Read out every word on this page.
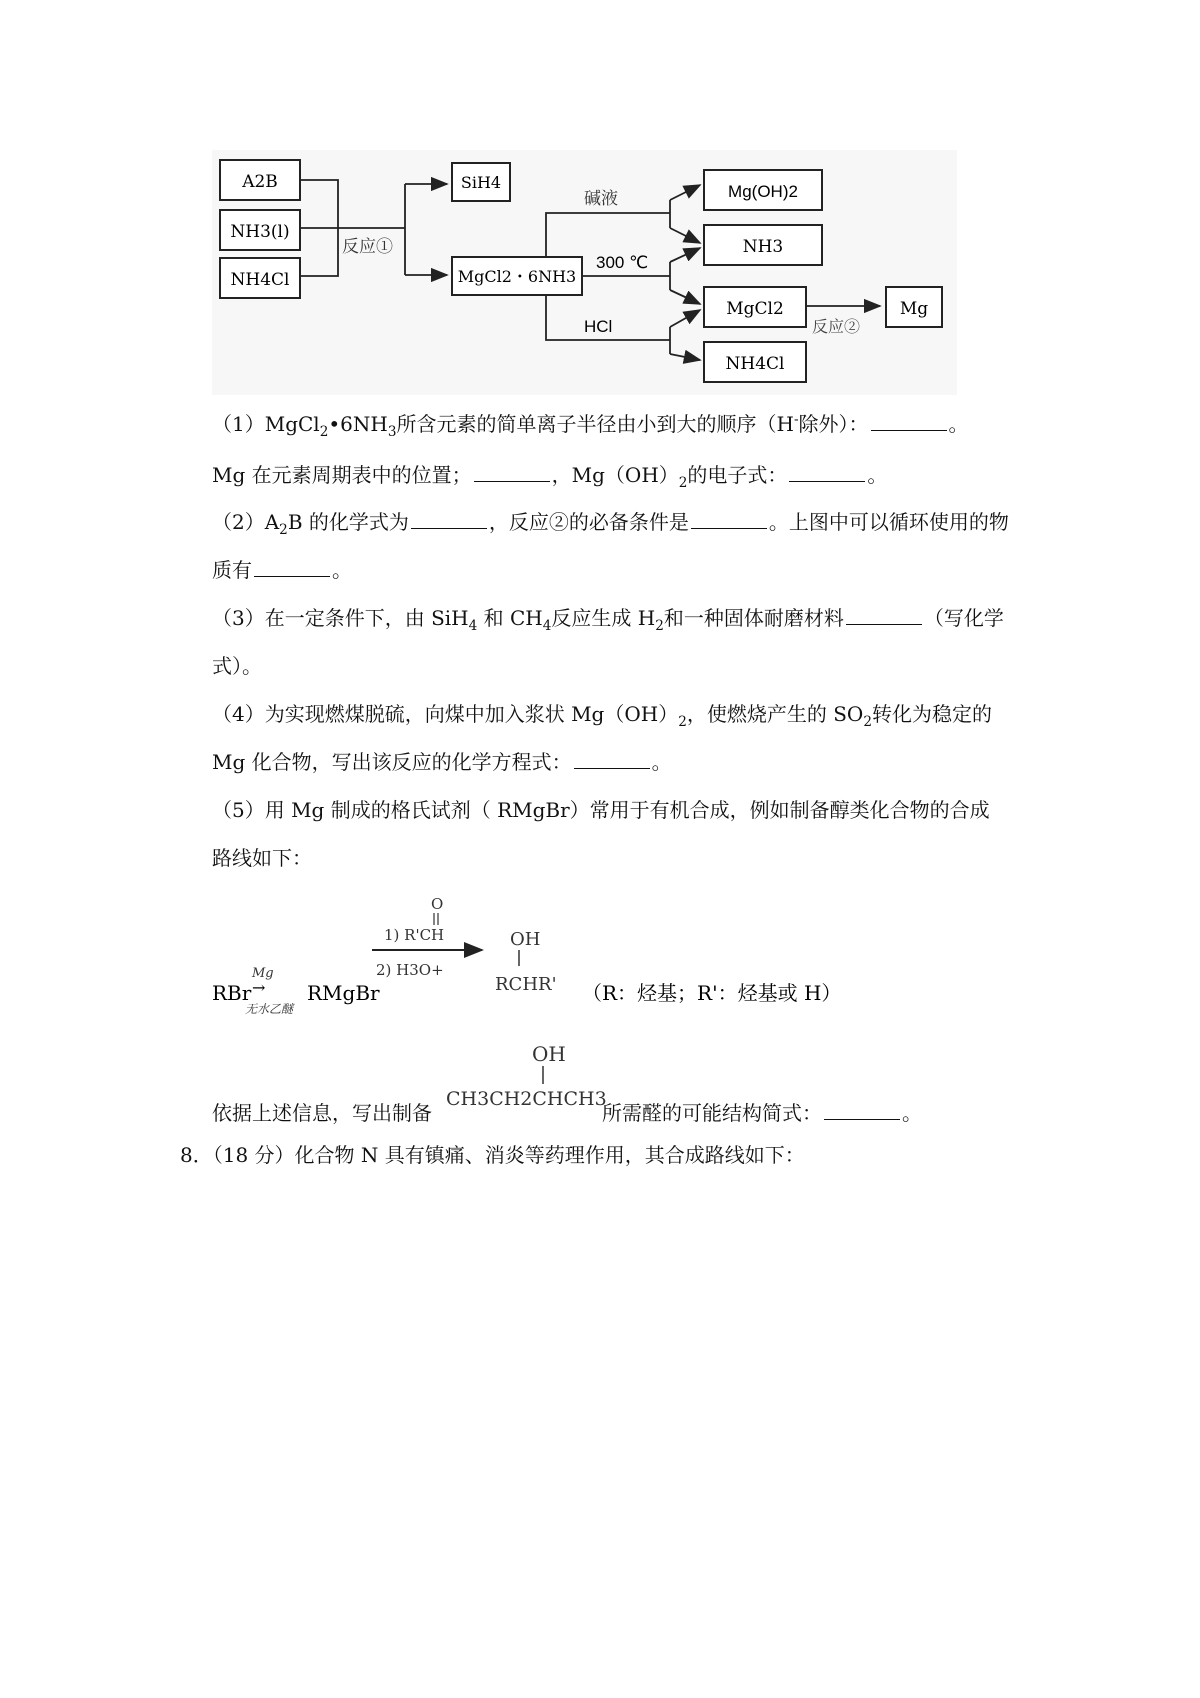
A2B
NH3(l)
NH4Cl
反应①
SiH4
MgCl2・6NH3
碱液
300 ℃
HCl
Mg(OH)2
NH3
MgCl2
NH4Cl
反应②
Mg
$(1)MgCl_2•6NH_3$所含元素的简单离子半径由小到大的顺序（H-除外）：	。
Mg 在元素周期表中的位置；	，$Mg(OH)_2$的电子式：	。
$(2)A_2B$ 的化学式为	，反应②的必备条件是	。上图中可以循环使用的物
质有	。
（3）在一定条件下，由 SiH$_4$ 和 $CH_4$反应生成 $H_2$和一种固体耐磨材料	（写化学
式）。
（4）为实现燃煤脱硫，向煤中加入浆状 $Mg(OH)_2$，使燃烧产生的 $SO_2$转化为稳定的
Mg 化合物，写出该反应的化学方程式：	。
（5）用 Mg 制成的格氏试剂（ RMgBr）常用于有机合成，例如制备醇类化合物的合成
路线如下：
RBr
Mg
→
无水乙醚
RMgBr
O
1) R'CH
2) H3O+
OH
RCHR' （R：烃基；R'：烃基或 H）
OH
CH3CH2CHCH3
依据上述信息，写出制备	所需醛的可能结构简式：	。
8．（18 分）化合物 N 具有镇痛、消炎等药理作用，其合成路线如下：
